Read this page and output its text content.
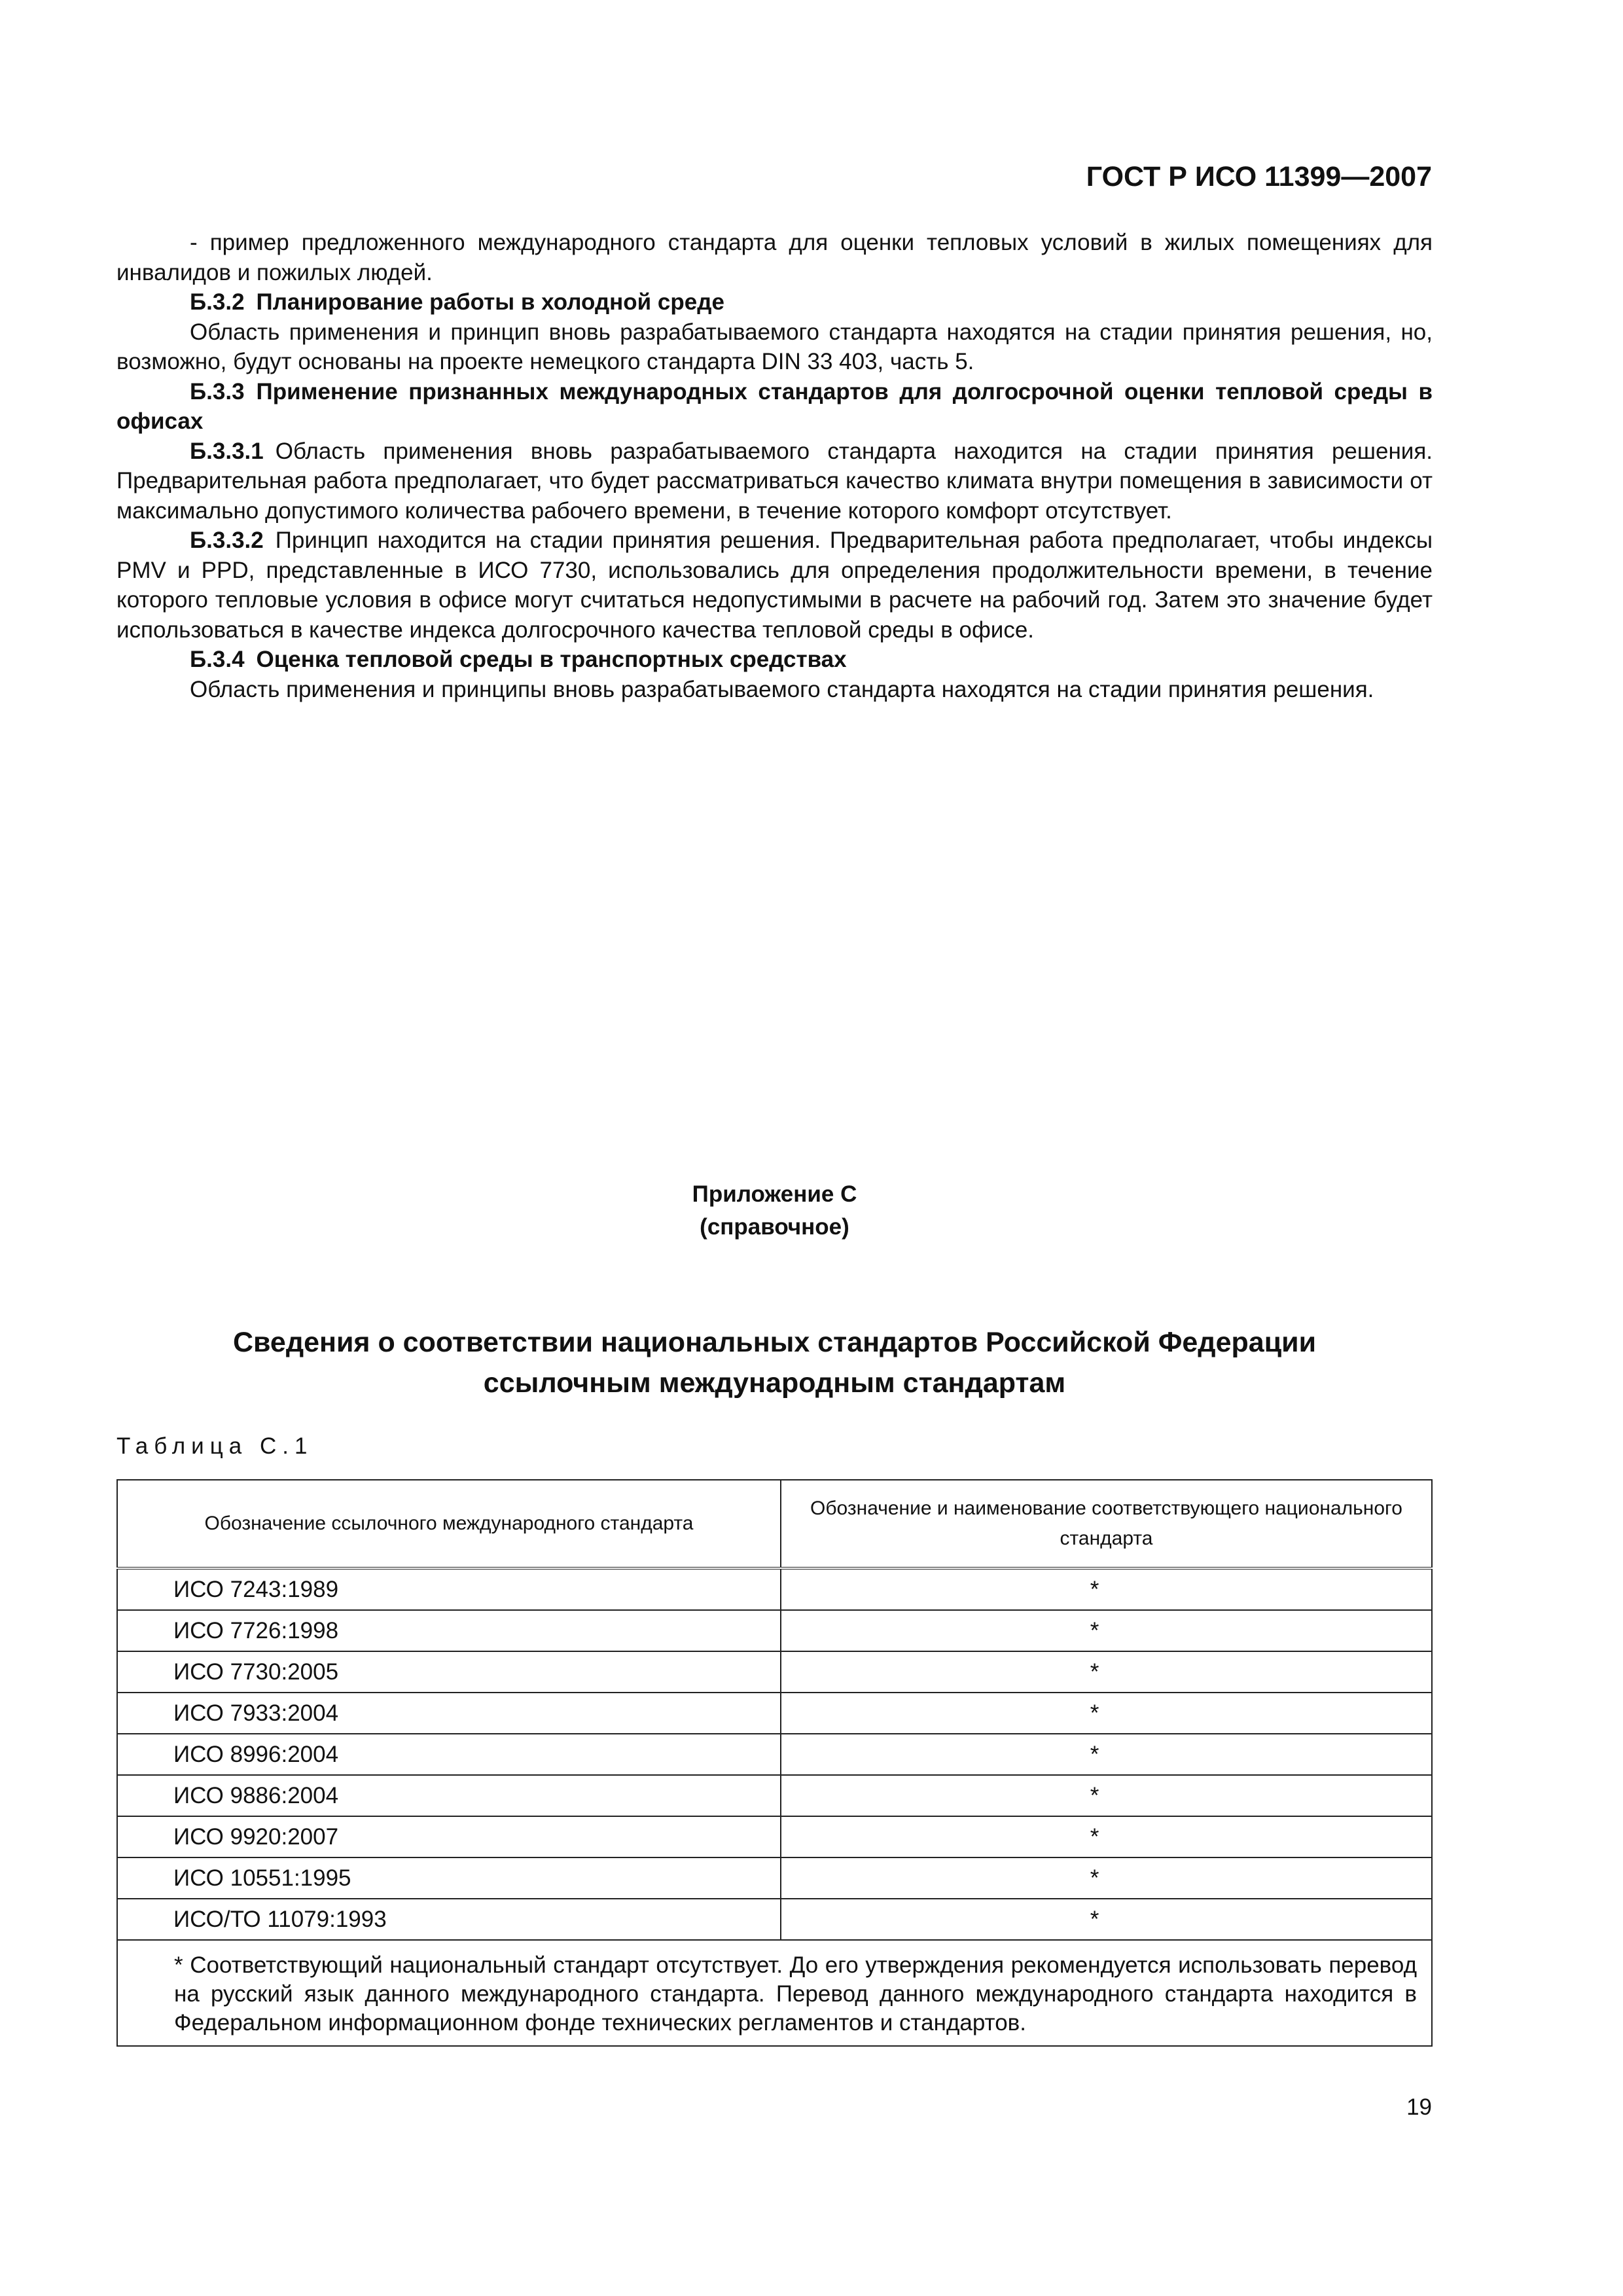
ГОСТ Р ИСО 11399—2007

- пример предложенного международного стандарта для оценки тепловых условий в жилых помещениях для инвалидов и пожилых людей.

Б.3.2 Планирование работы в холодной среде

Область применения и принцип вновь разрабатываемого стандарта находятся на стадии принятия решения, но, возможно, будут основаны на проекте немецкого стандарта DIN 33 403, часть 5.

Б.3.3 Применение признанных международных стандартов для долгосрочной оценки тепловой среды в офисах

Б.3.3.1 Область применения вновь разрабатываемого стандарта находится на стадии принятия решения. Предварительная работа предполагает, что будет рассматриваться качество климата внутри помещения в зависимости от максимально допустимого количества рабочего времени, в течение которого комфорт отсутствует.

Б.3.3.2 Принцип находится на стадии принятия решения. Предварительная работа предполагает, чтобы индексы PMV и PPD, представленные в ИСО 7730, использовались для определения продолжительности времени, в течение которого тепловые условия в офисе могут считаться недопустимыми в расчете на рабочий год. Затем это значение будет использоваться в качестве индекса долгосрочного качества тепловой среды в офисе.

Б.3.4 Оценка тепловой среды в транспортных средствах

Область применения и принципы вновь разрабатываемого стандарта находятся на стадии принятия решения.

Приложение С
(справочное)
Сведения о соответствии национальных стандартов Российской Федерации
ссылочным международным стандартам
Таблица С.1
Обозначение ссылочного международного стандарта	Обозначение и наименование соответствующего национального стандарта
ИСО 7243:1989	*
ИСО 7726:1998	*
ИСО 7730:2005	*
ИСО 7933:2004	*
ИСО 8996:2004	*
ИСО 9886:2004	*
ИСО 9920:2007	*
ИСО 10551:1995	*
ИСО/ТО 11079:1993	*

* Соответствующий национальный стандарт отсутствует. До его утверждения рекомендуется использовать перевод на русский язык данного международного стандарта. Перевод данного международного стандарта находится в Федеральном информационном фонде технических регламентов и стандартов.	
19
